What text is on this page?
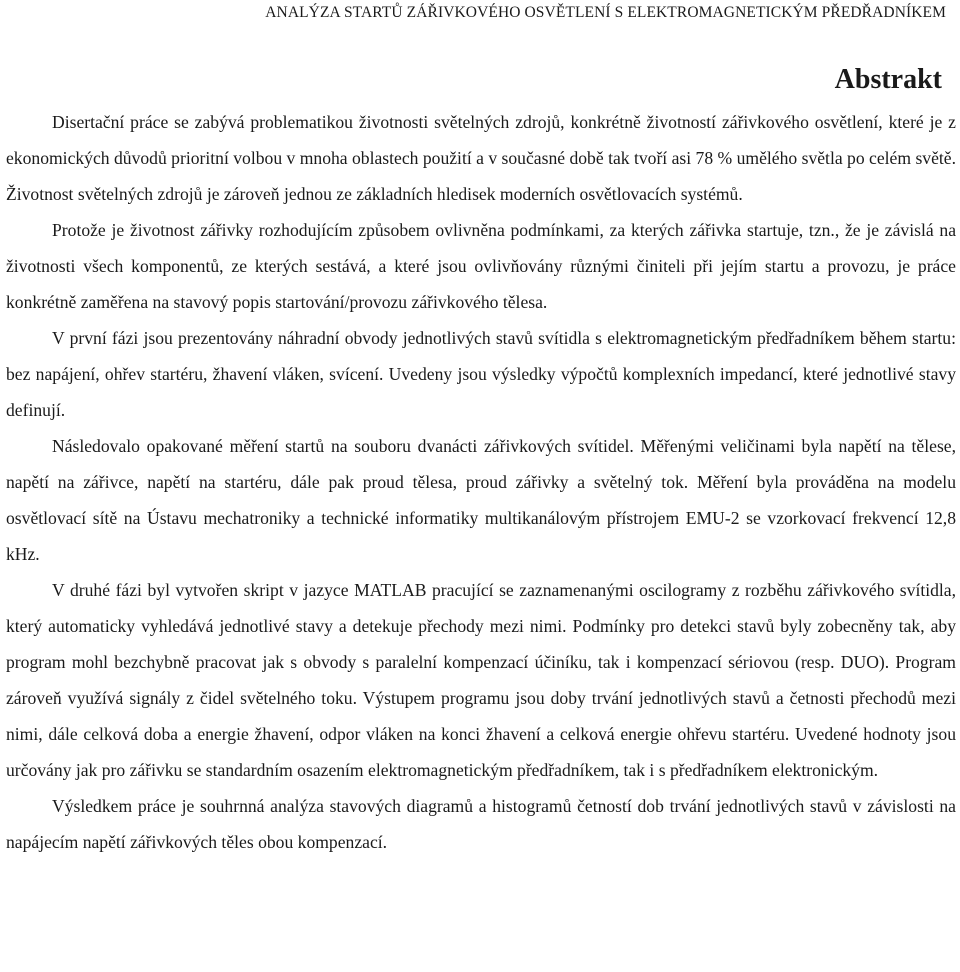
ANALÝZA STARTŮ ZÁŘIVKOVÉHO OSVĚTLENÍ S ELEKTROMAGNETICKÝM PŘEDŘADNÍKEM
Abstrakt

Disertační práce se zabývá problematikou životnosti světelných zdrojů, konkrétně životností zářivkového osvětlení, které je z ekonomických důvodů prioritní volbou v mnoha oblastech použití a v současné době tak tvoří asi 78 % umělého světla po celém světě. Životnost světelných zdrojů je zároveň jednou ze základních hledisek moderních osvětlovacích systémů.

Protože je životnost zářivky rozhodujícím způsobem ovlivněna podmínkami, za kterých zářivka startuje, tzn., že je závislá na životnosti všech komponentů, ze kterých sestává, a které jsou ovlivňovány různými činiteli při jejím startu a provozu, je práce konkrétně zaměřena na stavový popis startování/provozu zářivkového tělesa.

V první fázi jsou prezentovány náhradní obvody jednotlivých stavů svítidla s elektromagnetickým předřadníkem během startu: bez napájení, ohřev startéru, žhavení vláken, svícení. Uvedeny jsou výsledky výpočtů komplexních impedancí, které jednotlivé stavy definují.

Následovalo opakované měření startů na souboru dvanácti zářivkových svítidel. Měřenými veličinami byla napětí na tělese, napětí na zářivce, napětí na startéru, dále pak proud tělesa, proud zářivky a světelný tok. Měření byla prováděna na modelu osvětlovací sítě na Ústavu mechatroniky a technické informatiky multikanálovým přístrojem EMU-2 se vzorkovací frekvencí 12,8 kHz.

V druhé fázi byl vytvořen skript v jazyce MATLAB pracující se zaznamenanými oscilogramy z rozběhu zářivkového svítidla, který automaticky vyhledává jednotlivé stavy a detekuje přechody mezi nimi. Podmínky pro detekci stavů byly zobecněny tak, aby program mohl bezchybně pracovat jak s obvody s paralelní kompenzací účiníku, tak i kompenzací sériovou (resp. DUO). Program zároveň využívá signály z čidel světelného toku. Výstupem programu jsou doby trvání jednotlivých stavů a četnosti přechodů mezi nimi, dále celková doba a energie žhavení, odpor vláken na konci žhavení a celková energie ohřevu startéru. Uvedené hodnoty jsou určovány jak pro zářivku se standardním osazením elektromagnetickým předřadníkem, tak i s předřadníkem elektronickým.

Výsledkem práce je souhrnná analýza stavových diagramů a histogramů četností dob trvání jednotlivých stavů v závislosti na napájecím napětí zářivkových těles obou kompenzací.
